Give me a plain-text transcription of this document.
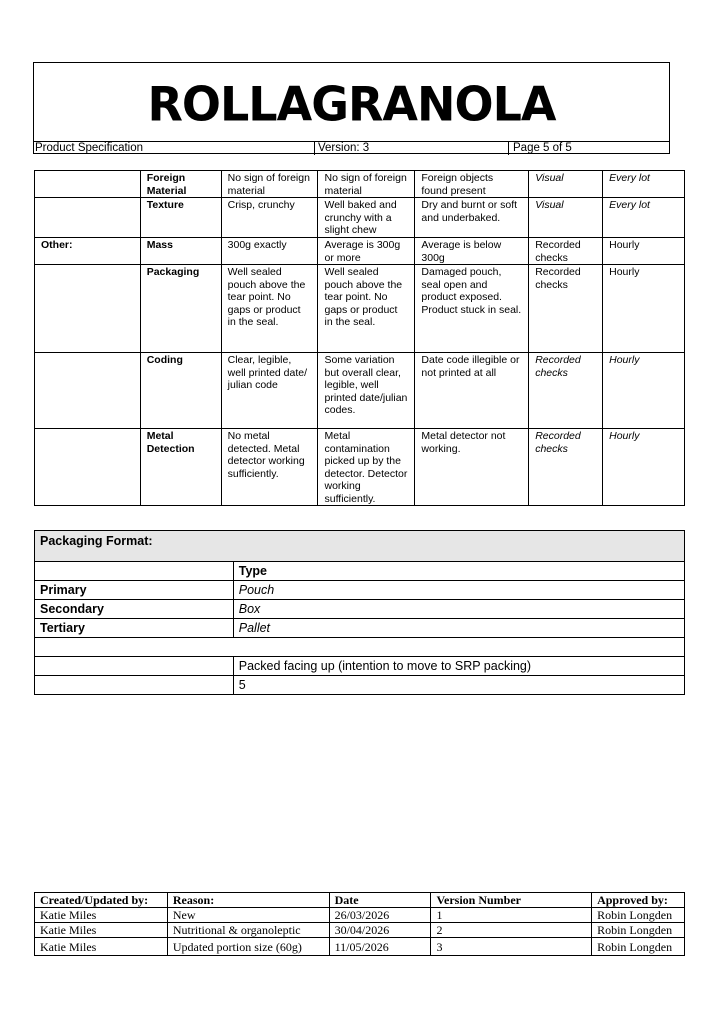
ROLLAGRANOLA
Product Specification	Version: 3	Page 5 of 5
	Foreign Material	No sign of foreign material	No sign of foreign material	Foreign objects found present	Visual	Every lot
	Texture	Crisp, crunchy	Well baked and crunchy with a slight chew	Dry and burnt or soft and underbaked.	Visual	Every lot
Other:	Mass	300g exactly	Average is 300g or more	Average is below 300g	Recorded checks	Hourly
	Packaging	Well sealed pouch above the tear point. No gaps or product in the seal.	Well sealed pouch above the tear point. No gaps or product in the seal.	Damaged pouch, seal open and product exposed. Product stuck in seal.	Recorded checks	Hourly
	Coding	Clear, legible, well printed date/ julian code	Some variation but overall clear, legible, well printed date/julian codes.	Date code illegible or not printed at all	Recorded checks	Hourly
	Metal Detection	No metal detected. Metal detector working sufficiently.	Metal contamination picked up by the detector. Detector working sufficiently.	Metal detector not working.	Recorded checks	Hourly
Packaging Format:	
	Type
Primary	Pouch
Secondary	Box
Tertiary	Pallet

	Packed facing up (intention to move to SRP packing)
	5
Created/Updated by:	Reason:	Date	Version Number	Approved by:
Katie Miles	New	26/03/2026	1	Robin Longden
Katie Miles	Nutritional & organoleptic	30/04/2026	2	Robin Longden
Katie Miles	Updated portion size (60g)	11/05/2026	3	Robin Longden
